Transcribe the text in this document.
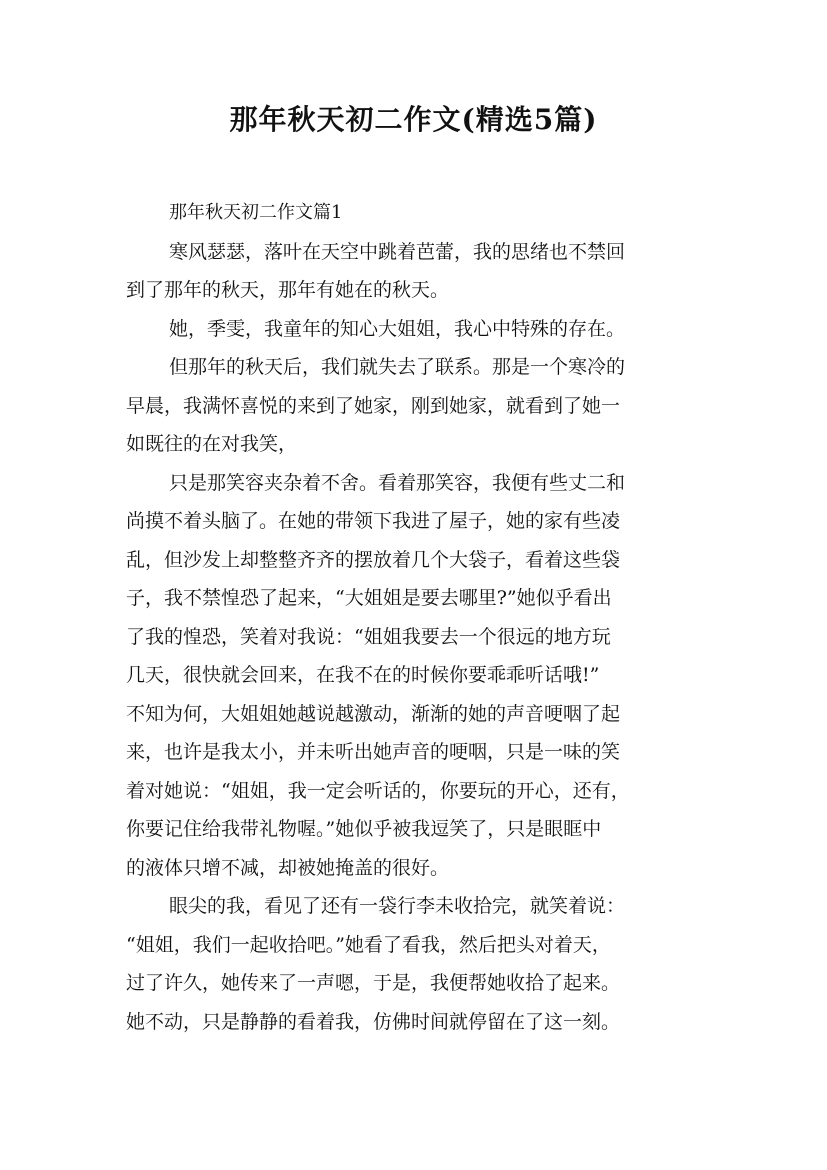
那年秋天初二作文(精选5篇)
那年秋天初二作文篇1
寒风瑟瑟，落叶在天空中跳着芭蕾，我的思绪也不禁回
到了那年的秋天，那年有她在的秋天。
她，季雯，我童年的知心大姐姐，我心中特殊的存在。
但那年的秋天后，我们就失去了联系。那是一个寒冷的
早晨，我满怀喜悦的来到了她家，刚到她家，就看到了她一
如既往的在对我笑，
只是那笑容夹杂着不舍。看着那笑容，我便有些丈二和
尚摸不着头脑了。在她的带领下我进了屋子，她的家有些凌
乱，但沙发上却整整齐齐的摆放着几个大袋子，看着这些袋
子，我不禁惶恐了起来，“大姐姐是要去哪里?”她似乎看出
了我的惶恐，笑着对我说：“姐姐我要去一个很远的地方玩
几天，很快就会回来，在我不在的时候你要乖乖听话哦!”
不知为何，大姐姐她越说越激动，渐渐的她的声音哽咽了起
来，也许是我太小，并未听出她声音的哽咽，只是一味的笑
着对她说：“姐姐，我一定会听话的，你要玩的开心，还有，
你要记住给我带礼物喔。”她似乎被我逗笑了，只是眼眶中
的液体只增不减，却被她掩盖的很好。
眼尖的我，看见了还有一袋行李未收拾完，就笑着说：
“姐姐，我们一起收拾吧。”她看了看我，然后把头对着天，
过了许久，她传来了一声嗯，于是，我便帮她收拾了起来。
她不动，只是静静的看着我，仿佛时间就停留在了这一刻。
